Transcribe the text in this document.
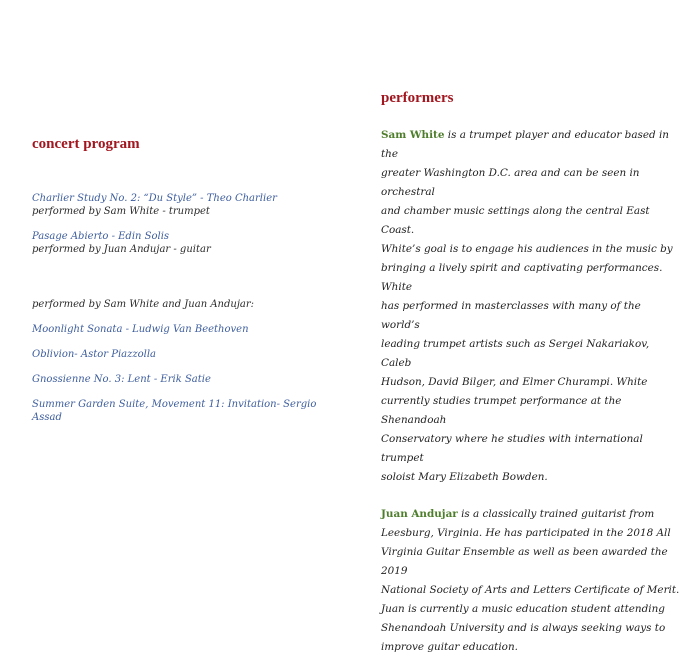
concert program
Charlier Study No. 2: “Du Style” - Theo Charlier
performed by Sam White - trumpet
Pasage Abierto - Edin Solis
performed by Juan Andujar - guitar
performed by Sam White and Juan Andujar:
Moonlight Sonata - Ludwig Van Beethoven
Oblivion- Astor Piazzolla
Gnossienne No. 3: Lent - Erik Satie
Summer Garden Suite, Movement 11: Invitation- Sergio Assad
performers
Sam White is a trumpet player and educator based in the
greater Washington D.C. area and can be seen in orchestral
and chamber music settings along the central East Coast.
White’s goal is to engage his audiences in the music by
bringing a lively spirit and captivating performances. White
has performed in masterclasses with many of the world’s
leading trumpet artists such as Sergei Nakariakov, Caleb
Hudson, David Bilger, and Elmer Churampi. White
currently studies trumpet performance at the Shenandoah
Conservatory where he studies with international trumpet
soloist Mary Elizabeth Bowden.
Juan Andujar is a classically trained guitarist from
Leesburg, Virginia. He has participated in the 2018 All
Virginia Guitar Ensemble as well as been awarded the 2019
National Society of Arts and Letters Certificate of Merit.
Juan is currently a music education student attending
Shenandoah University and is always seeking ways to
improve guitar education.
